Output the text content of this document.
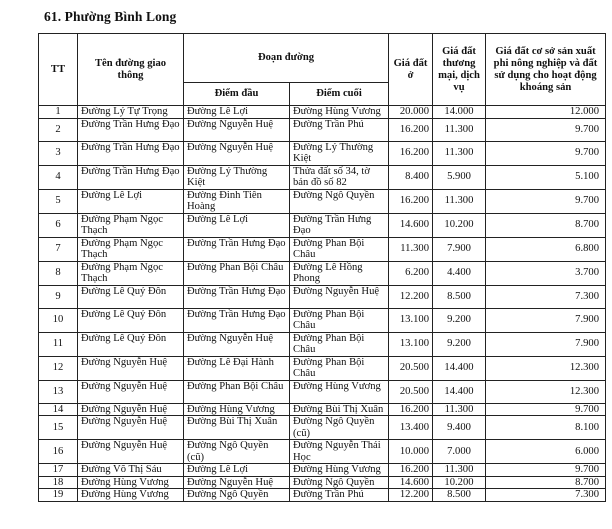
61. Phường Bình Long
TT	Tên đường giao thông	Đoạn đường		Giá đất ở	Giá đất thương mại, dịch vụ	Giá đất cơ sở sản xuất phi nông nghiệp và đất sử dụng cho hoạt động khoáng sản
		Điểm đầu	Điểm cuối			
1	Đường Lý Tự Trọng	Đường Lê Lợi	Đường Hùng Vương	20.000	14.000	12.000
2	Đường Trần Hưng Đạo	Đường Nguyễn Huệ	Đường Trần Phú	16.200	11.300	9.700
3	Đường Trần Hưng Đạo	Đường Nguyễn Huệ	Đường Lý Thường Kiệt	16.200	11.300	9.700
4	Đường Trần Hưng Đạo	Đường Lý Thường Kiệt	Thửa đất số 34, tờ bản đồ số 82	8.400	5.900	5.100
5	Đường Lê Lợi	Đường Đinh Tiên Hoàng	Đường Ngô Quyền	16.200	11.300	9.700
6	Đường Phạm Ngọc Thạch	Đường Lê Lợi	Đường Trần Hưng Đạo	14.600	10.200	8.700
7	Đường Phạm Ngọc Thạch	Đường Trần Hưng Đạo	Đường Phan Bội Châu	11.300	7.900	6.800
8	Đường Phạm Ngọc Thạch	Đường Phan Bội Châu	Đường Lê Hồng Phong	6.200	4.400	3.700
9	Đường Lê Quý Đôn	Đường Trần Hưng Đạo	Đường Nguyễn Huệ	12.200	8.500	7.300
10	Đường Lê Quý Đôn	Đường Trần Hưng Đạo	Đường Phan Bội Châu	13.100	9.200	7.900
11	Đường Lê Quý Đôn	Đường Nguyễn Huệ	Đường Phan Bội Châu	13.100	9.200	7.900
12	Đường Nguyễn Huệ	Đường Lê Đại Hành	Đường Phan Bội Châu	20.500	14.400	12.300
13	Đường Nguyễn Huệ	Đường Phan Bội Châu	Đường Hùng Vương	20.500	14.400	12.300
14	Đường Nguyễn Huệ	Đường Hùng Vương	Đường Bùi Thị Xuân	16.200	11.300	9.700
15	Đường Nguyễn Huệ	Đường Bùi Thị Xuân	Đường Ngô Quyền (cũ)	13.400	9.400	8.100
16	Đường Nguyễn Huệ	Đường Ngô Quyền (cũ)	Đường Nguyễn Thái Học	10.000	7.000	6.000
17	Đường Võ Thị Sáu	Đường Lê Lợi	Đường Hùng Vương	16.200	11.300	9.700
18	Đường Hùng Vương	Đường Nguyễn Huệ	Đường Ngô Quyền	14.600	10.200	8.700
19	Đường Hùng Vương	Đường Ngô Quyền	Đường Trần Phú	12.200	8.500	7.300
